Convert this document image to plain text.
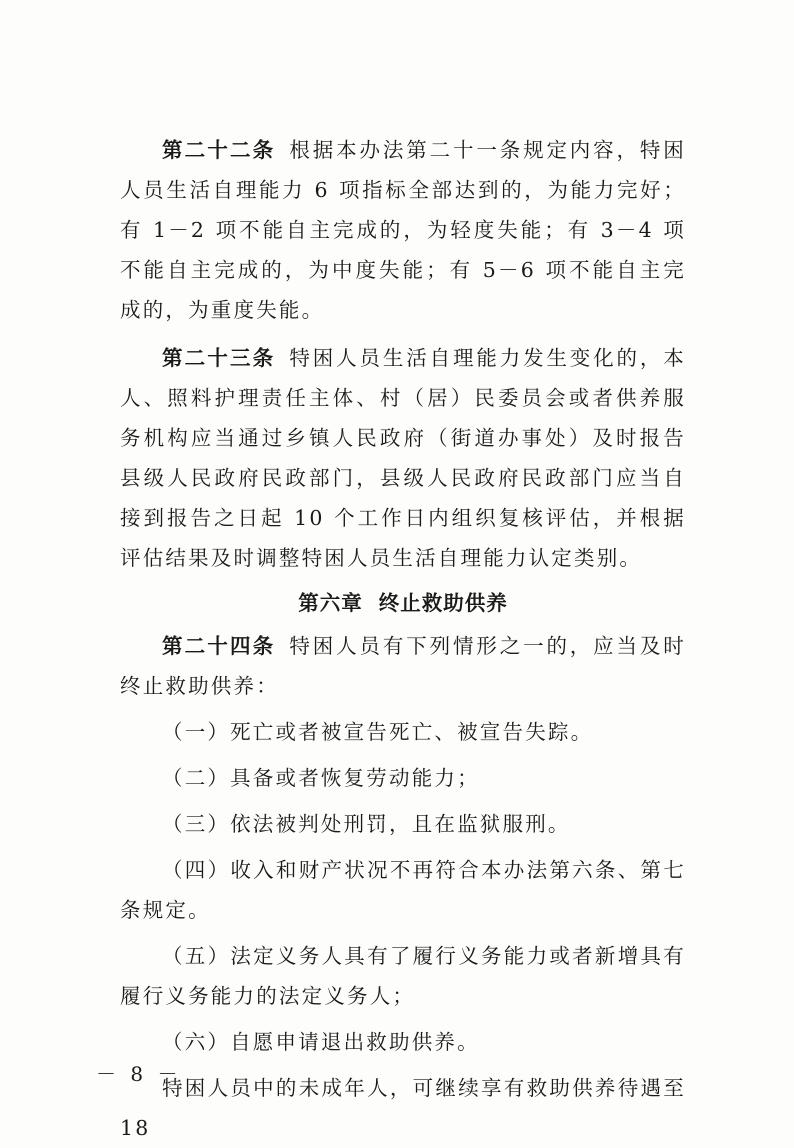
第二十二条 根据本办法第二十一条规定内容，特困人员生活自理能力 6 项指标全部达到的，为能力完好；有 1－2 项不能自主完成的，为轻度失能；有 3－4 项不能自主完成的，为中度失能；有 5－6 项不能自主完成的，为重度失能。

第二十三条 特困人员生活自理能力发生变化的，本人、照料护理责任主体、村（居）民委员会或者供养服务机构应当通过乡镇人民政府（街道办事处）及时报告县级人民政府民政部门，县级人民政府民政部门应当自接到报告之日起 10 个工作日内组织复核评估，并根据评估结果及时调整特困人员生活自理能力认定类别。

第六章 终止救助供养

第二十四条 特困人员有下列情形之一的，应当及时终止救助供养：

（一）死亡或者被宣告死亡、被宣告失踪。

（二）具备或者恢复劳动能力；

（三）依法被判处刑罚，且在监狱服刑。

（四）收入和财产状况不再符合本办法第六条、第七条规定。

（五）法定义务人具有了履行义务能力或者新增具有履行义务能力的法定义务人；

（六）自愿申请退出救助供养。

特困人员中的未成年人，可继续享有救助供养待遇至 18

－ 8 －
